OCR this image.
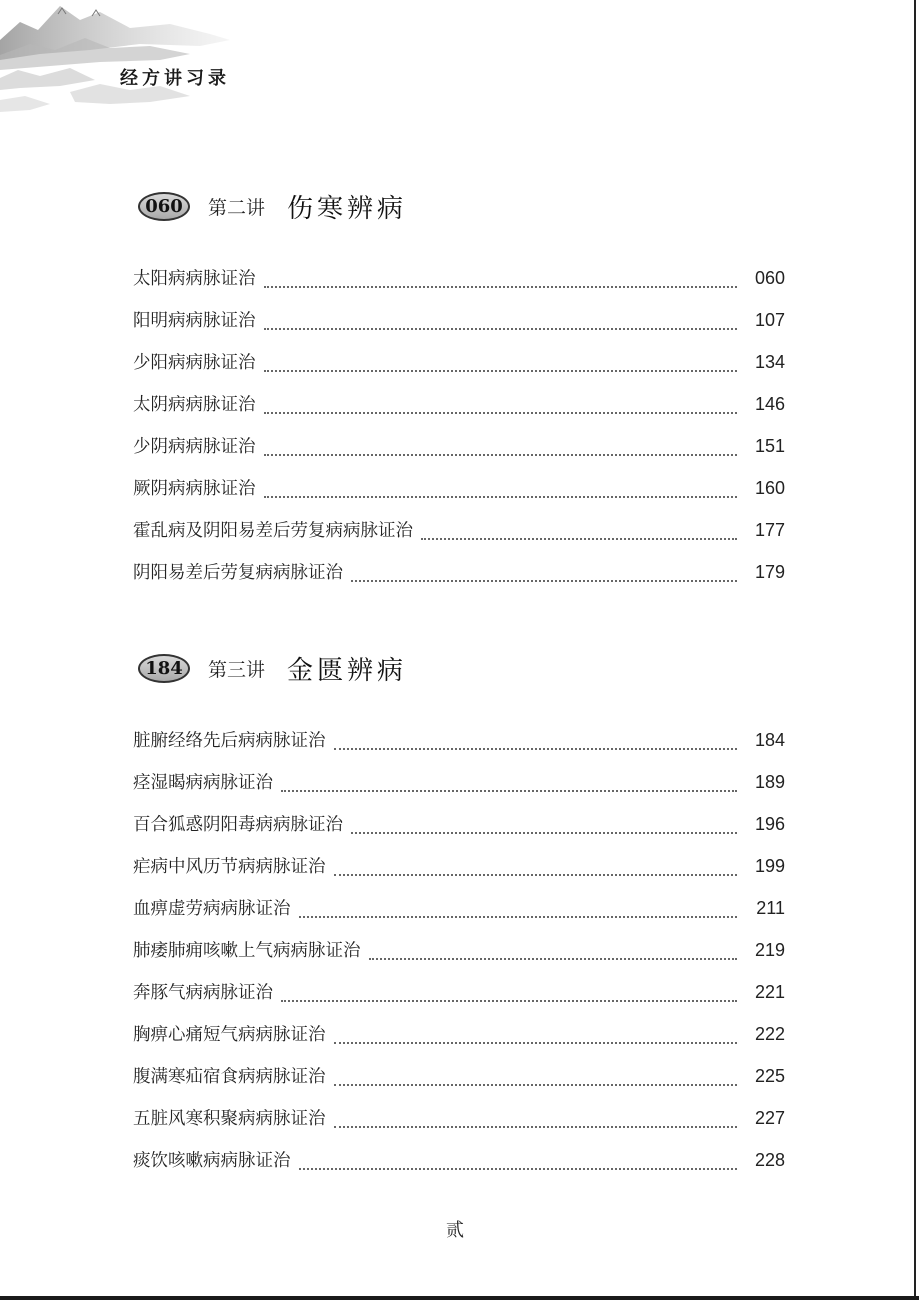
经方讲习录
060	第二讲 伤寒辨病
太阳病病脉证治	060
阳明病病脉证治	107
少阳病病脉证治	134
太阴病病脉证治	146
少阴病病脉证治	151
厥阴病病脉证治	160
霍乱病及阴阳易差后劳复病病脉证治	177
阴阳易差后劳复病病脉证治	179
184	第三讲 金匮辨病
脏腑经络先后病病脉证治	184
痉湿暍病病脉证治	189
百合狐惑阴阳毒病病脉证治	196
疟病中风历节病病脉证治	199
血痹虚劳病病脉证治	211
肺痿肺痈咳嗽上气病病脉证治	219
奔豚气病病脉证治	221
胸痹心痛短气病病脉证治	222
腹满寒疝宿食病病脉证治	225
五脏风寒积聚病病脉证治	227
痰饮咳嗽病病脉证治	228
贰
